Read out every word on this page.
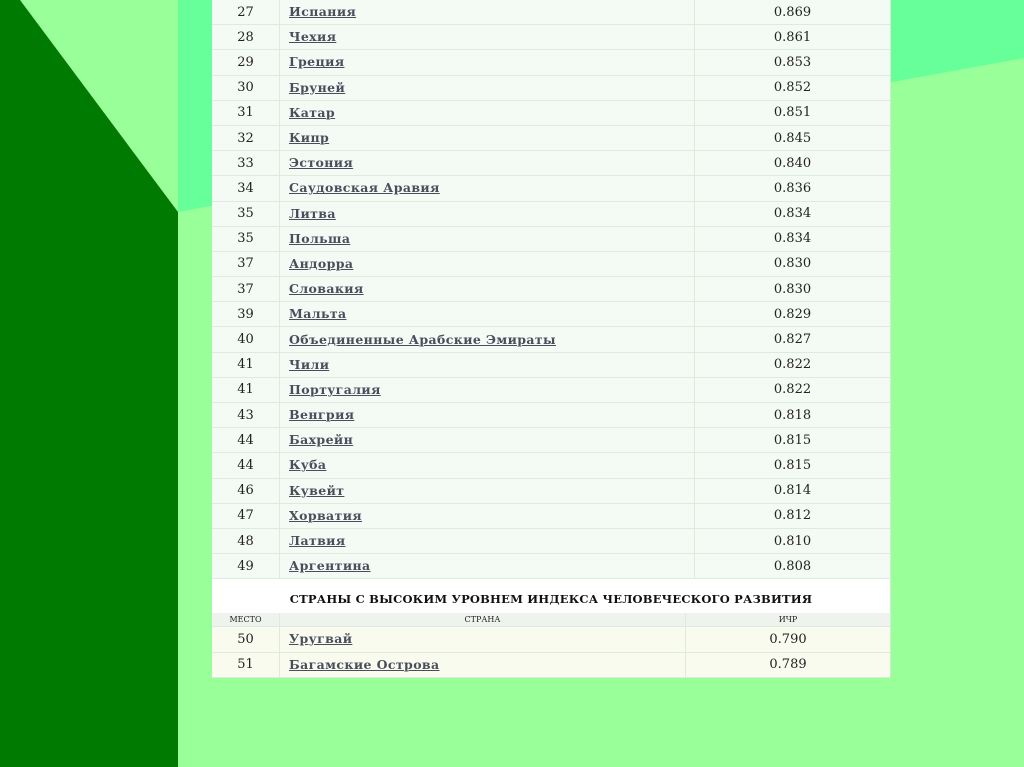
27	Испания	0.869
28	Чехия	0.861
29	Греция	0.853
30	Бруней	0.852
31	Катар	0.851
32	Кипр	0.845
33	Эстония	0.840
34	Саудовская Аравия	0.836
35	Литва	0.834
35	Польша	0.834
37	Андорра	0.830
37	Словакия	0.830
39	Мальта	0.829
40	Объединенные Арабские Эмираты	0.827
41	Чили	0.822
41	Португалия	0.822
43	Венгрия	0.818
44	Бахрейн	0.815
44	Куба	0.815
46	Кувейт	0.814
47	Хорватия	0.812
48	Латвия	0.810
49	Аргентина	0.808
СТРАНЫ С ВЫСОКИМ УРОВНЕМ ИНДЕКСА ЧЕЛОВЕЧЕСКОГО РАЗВИТИЯ
МЕСТО	СТРАНА	ИЧР
50	Уругвай	0.790
51	Багамские Острова	0.789
